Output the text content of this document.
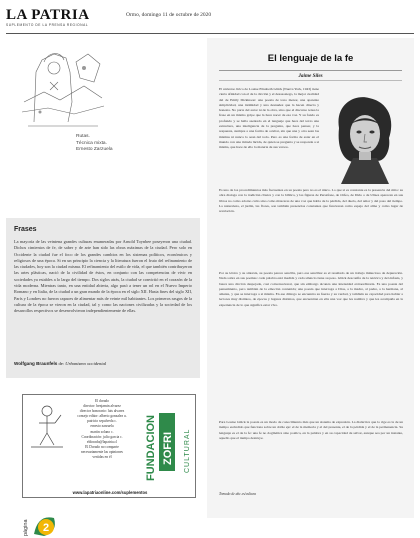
LA PATRIA
SUPLEMENTO DE LA PRENSA REGIONAL
Ormo, domingo 11 de octubre de 2020
Rutas.
Técnica mixta.
Ernesto Zarzuela
Frases

La mayoría de las veintena grandes culturas enumeradas por Arnold Toynbee poseyeron una ciudad. Dichos cimientos de fe, de saber y de arte han sido las obras máximas de la ciudad. Pero solo en Occidente la ciudad fue el foco de los grandes cambios en los sistemas políticos, económicos y religiosos de una época. Si en un principio la ciencia y la literatura fueron el fruto del refinamiento de las ciudades, hoy son la ciudad misma. El refinamiento del estilo de vida, el que también contribuyeron las artes plásticas, nació de la civilidad de éstos, en conjunto con las competencias de vivir en sociedades ya estables a lo largo del tiempo. Dos siglos atrás, la ciudad se convirtió en el corazón de la vida moderna. Mientras tanto, en una entidad abierta, algo pasó a tener un rol en el Nuevo Imperio Romano y en Italia, de la ciudad a un gran mundo de la época en el siglo XII. Hasta fines del siglo XII, París y Londres no fueron capaces de alimentar más de veinte mil habitantes. Los primeros rasgos de la cultura de la época se vieron en la ciudad, tal y como las naciones civilizadas y la sociedad de los desarrollos respectivos se desenvolvieron independientemente de ellas.

Wolfgang Braunfels de: Urbanismo occidental
El dorado
director: benjamin alvarez
director honorario: luis alvarez
consejo editor: alberto gonzalez u.
patricio sepulveda c.
ernesto zarzuela
martin solano c.
Coordinación: julio garcia c.
eldorado@lapatria.cl
El Dorado no comparte
necesariamente las opiniones
vertidas en él	FUNDACION ZOFRI CULTURAL
www.lapatriaonline.com/suplementos
página 2
El lenguaje de la fe
Jaime Siles

El universo lírico de Louise Elisabeth Glück (Nueva York, 1943) tiene cierta afinidad con el de la dicción y el desasosiego, la mejor cualidad del de Emily Dickinson: una poesía de tono menor, una aparente simplicidad, una intimidad y una desnudez que la hacen directa y honesta. No parte del autor ni de la obra, sino que el discurso tensa la frase en un mismo golpe que la hace nacer de esa voz. Y su fondo es profundo y se halla asentado en el lenguaje que hace del texto una estructura, una inteligencia de la pregunta, que hace pensar, y la respuesta, siempre a una forma de ocultar, sin que una y otra sean las mismas ni nunca lo sean del todo. Pero es una forma de estar en el mundo con una mirada lúcida, de quien se pregunta y se responde a sí misma, que hace de ello la materia de sus versos.

Es uno de los procedimientos más frecuentes en su poesía pero no es el único. Lo que sí es constante es la presencia del mito: su obra dialoga con la tradición clásica y con la bíblica, y las figuras de Perséfone, de Orfeo, de Dido o de Ulises aparecen en sus libros no como adorno culto sino como máscaras de una voz que habla de la pérdida, del duelo, del amor y del paso del tiempo. La naturaleza, el jardín, las flores, son también presencias constantes que funcionan como espejo del alma y como lugar de revelación.

Por su léxico y su sintaxis, su poesía parece sencilla, pero esa sencillez es el resultado de un trabajo minucioso de depuración. Nada sobra en sus poemas: cada palabra está medida y cada silencio tiene su peso. Glück desconfía de la retórica y del énfasis, y busca una dicción despojada, casi conversacional, que sin embargo alcanza una intensidad extraordinaria. Es una poesía del pensamiento, pero también de la emoción contenida; una poesía que interroga a Dios, a la madre, al padre, a la hermana, al amante, y que se interroga a sí misma. En ese diálogo se encuentra su fuerza y su verdad, y también su capacidad para hablar a lectores muy distintos, de épocas y lugares distintos, que encuentran en ella una voz que les nombra y que les acompaña en la experiencia de lo que significa estar vivo.

Para Louise Glück la poesía es un modo de conocimiento más que un sistema de expresión. La dialéctica que lo rige es la de un tiempo escindido que funciona sobre un doble eje: el de la memoria y el del presente, el de la pérdida y el de la permanencia. Su lenguaje es el de la fe: una fe no dogmática sino poética, en la palabra y en su capacidad de salvar, aunque sea por un instante, aquello que el tiempo destruye.

Tomado de abc.es/cultura
